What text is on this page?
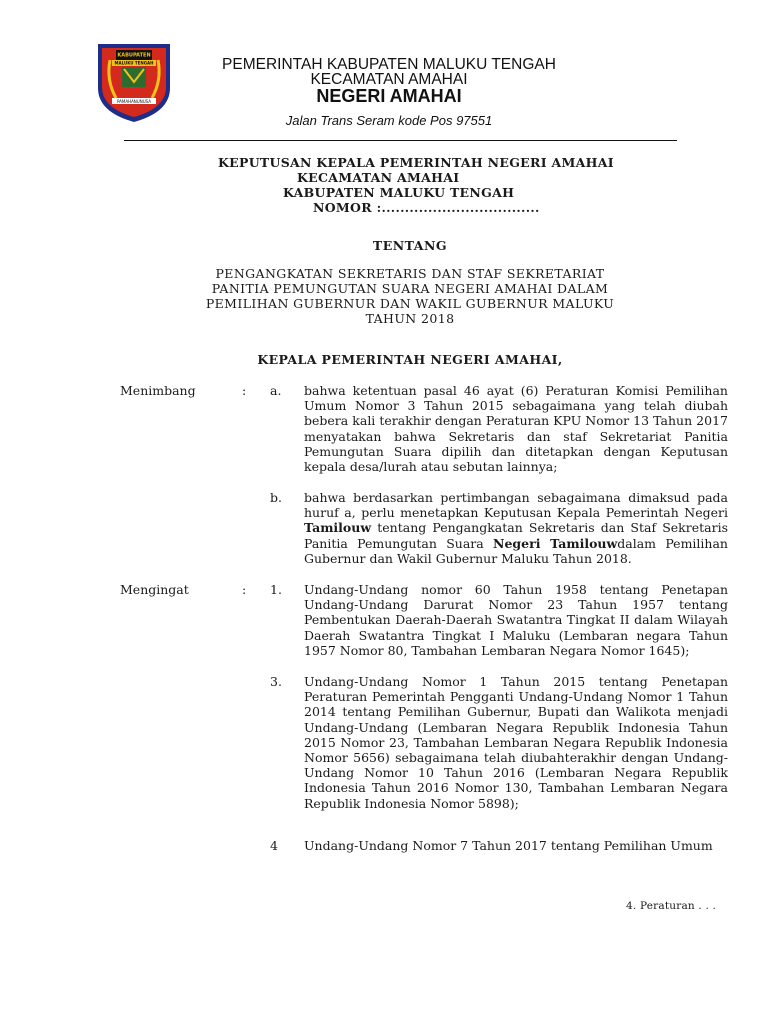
KABUPATEN
MALUKU TENGAH
PAMAHANUNUSA
PEMERINTAH KABUPATEN MALUKU TENGAH
KECAMATAN AMAHAI
NEGERI AMAHAI
Jalan Trans Seram kode Pos 97551
KEPUTUSAN KEPALA PEMERINTAH NEGERI AMAHAI
KECAMATAN AMAHAI
KABUPATEN MALUKU TENGAH
NOMOR :..................................
TENTANG
PENGANGKATAN SEKRETARIS DAN STAF SEKRETARIAT
PANITIA PEMUNGUTAN SUARA NEGERI AMAHAI DALAM
PEMILIHAN GUBERNUR DAN WAKIL GUBERNUR MALUKU
TAHUN 2018
KEPALA PEMERINTAH NEGERI AMAHAI,
Menimbang	: a. bahwa ketentuan pasal 46 ayat (6) Peraturan Komisi Pemilihan Umum Nomor 3 Tahun 2015 sebagaimana yang telah diubah bebera kali terakhir dengan Peraturan KPU Nomor 13 Tahun 2017 menyatakan bahwa Sekretaris dan staf Sekretariat Panitia Pemungutan Suara dipilih dan ditetapkan dengan Keputusan kepala desa/lurah atau sebutan lainnya;
b. bahwa berdasarkan pertimbangan sebagaimana dimaksud pada huruf a, perlu menetapkan Keputusan Kepala Pemerintah Negeri Tamilouw tentang Pengangkatan Sekretaris dan Staf Sekretaris Panitia Pemungutan Suara Negeri Tamilouwdalam Pemilihan Gubernur dan Wakil Gubernur Maluku Tahun 2018.
Mengingat	: 1. Undang-Undang nomor 60 Tahun 1958 tentang Penetapan Undang-Undang Darurat Nomor 23 Tahun 1957 tentang Pembentukan Daerah-Daerah Swatantra Tingkat II dalam Wilayah Daerah Swatantra Tingkat I Maluku (Lembaran negara Tahun 1957 Nomor 80, Tambahan Lembaran Negara Nomor 1645);
3. Undang-Undang Nomor 1 Tahun 2015 tentang Penetapan Peraturan Pemerintah Pengganti Undang-Undang Nomor 1 Tahun 2014 tentang Pemilihan Gubernur, Bupati dan Walikota menjadi Undang-Undang (Lembaran Negara Republik Indonesia Tahun 2015 Nomor 23, Tambahan Lembaran Negara Republik Indonesia Nomor 5656) sebagaimana telah diubahterakhir dengan Undang-Undang Nomor 10 Tahun 2016 (Lembaran Negara Republik Indonesia Tahun 2016 Nomor 130, Tambahan Lembaran Negara Republik Indonesia Nomor 5898);
4 Undang-Undang Nomor 7 Tahun 2017 tentang Pemilihan Umum
4. Peraturan . . .
